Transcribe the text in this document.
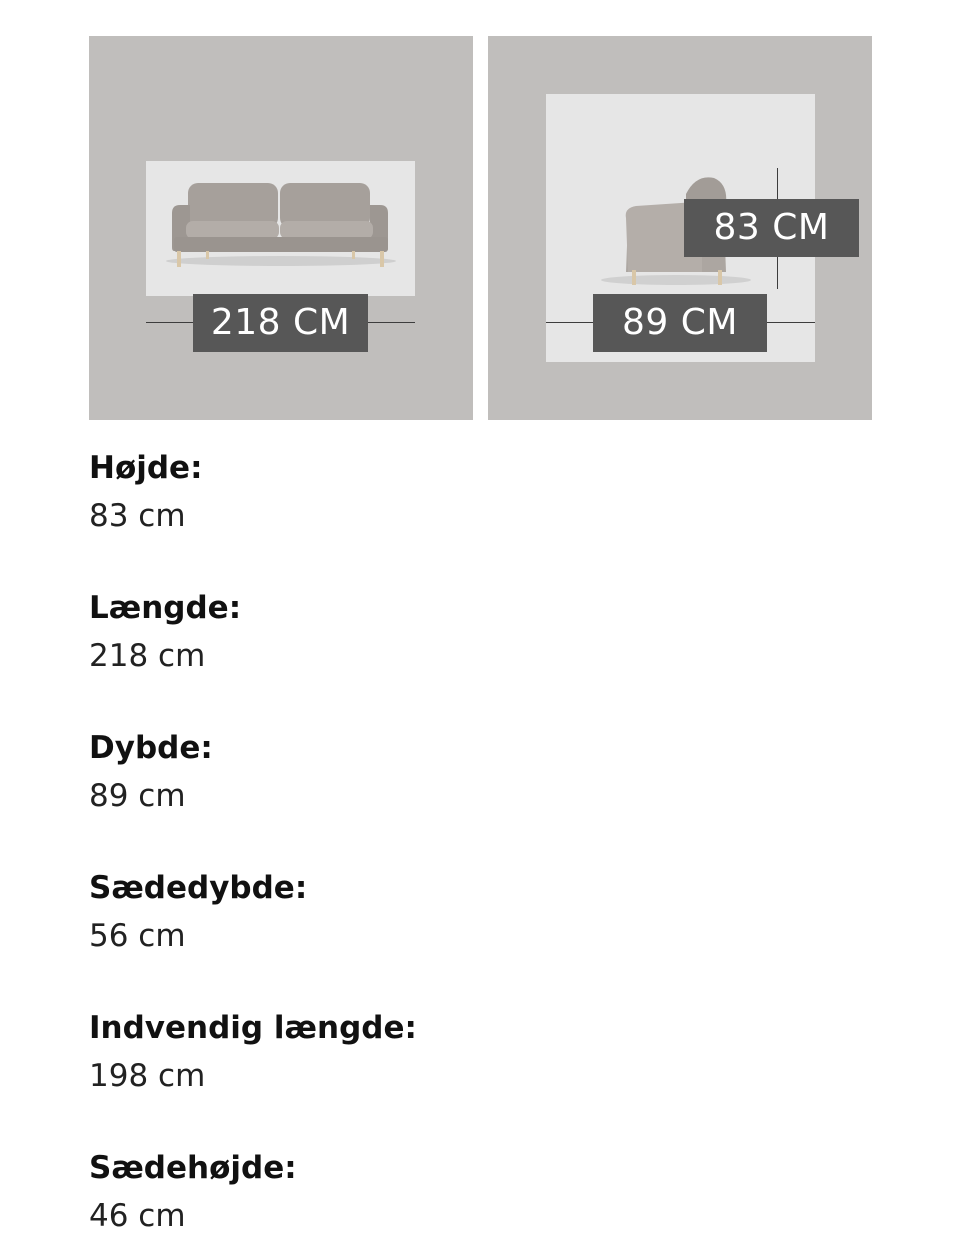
218 CM
83 CM
89 CM
Højde:
83 cm
Længde:
218 cm
Dybde:
89 cm
Sædedybde:
56 cm
Indvendig længde:
198 cm
Sædehøjde:
46 cm
